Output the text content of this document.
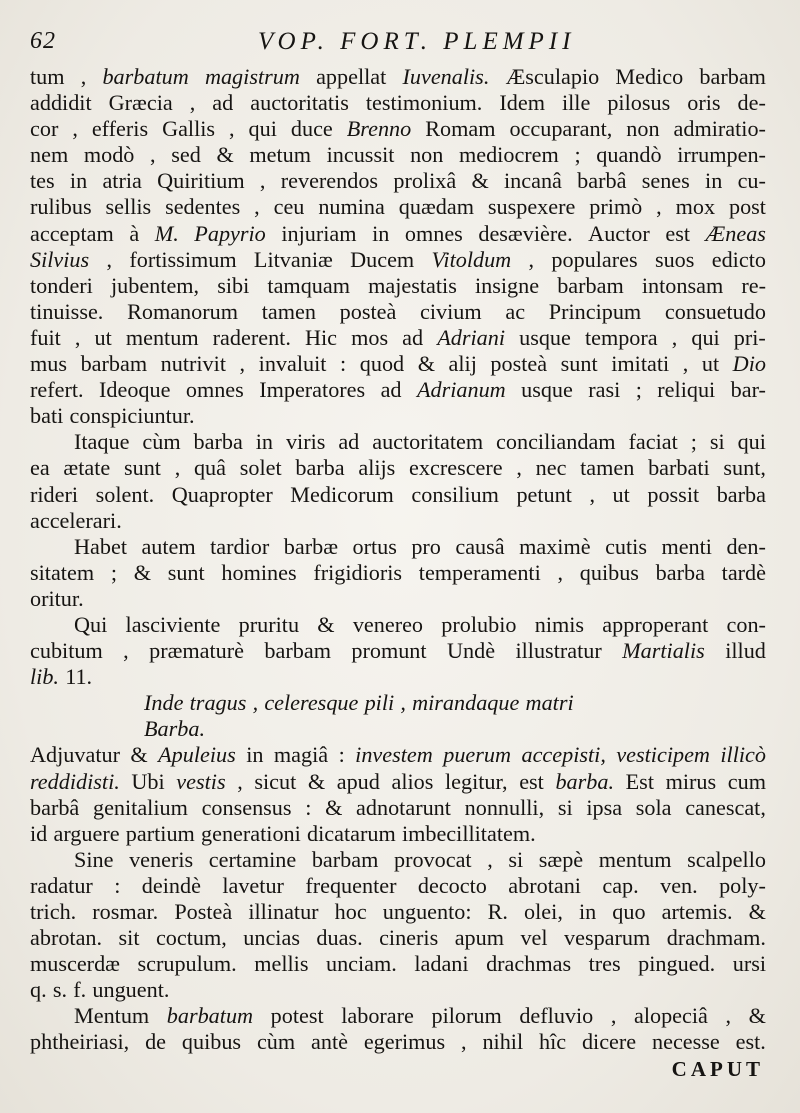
62	VOP. FORT. PLEMPII
tum , barbatum magistrum appellat Iuvenalis. Æsculapio Medico barbam
addidit Græcia , ad auctoritatis testimonium. Idem ille pilosus oris de-
cor , efferis Gallis , qui duce Brenno Romam occuparant, non admiratio-
nem modò , sed & metum incussit non mediocrem ; quandò irrumpen-
tes in atria Quiritium , reverendos prolixâ & incanâ barbâ senes in cu-
rulibus sellis sedentes , ceu numina quædam suspexere primò , mox post
acceptam à M. Papyrio injuriam in omnes desævière. Auctor est Æneas
Silvius , fortissimum Litvaniæ Ducem Vitoldum , populares suos edicto
tonderi jubentem, sibi tamquam majestatis insigne barbam intonsam re-
tinuisse. Romanorum tamen posteà civium ac Principum consuetudo
fuit , ut mentum raderent. Hic mos ad Adriani usque tempora , qui pri-
mus barbam nutrivit , invaluit : quod & alij posteà sunt imitati , ut Dio
refert. Ideoque omnes Imperatores ad Adrianum usque rasi ; reliqui bar-
bati conspiciuntur.
Itaque cùm barba in viris ad auctoritatem conciliandam faciat ; si qui
ea ætate sunt , quâ solet barba alijs excrescere , nec tamen barbati sunt,
rideri solent. Quapropter Medicorum consilium petunt , ut possit barba
accelerari.
Habet autem tardior barbæ ortus pro causâ maximè cutis menti den-
sitatem ; & sunt homines frigidioris temperamenti , quibus barba tardè
oritur.
Qui lasciviente pruritu & venereo prolubio nimis approperant con-
cubitum , præmaturè barbam promunt Undè illustratur Martialis illud
lib. 11.
Inde tragus , celeresque pili , mirandaque matri
Barba.
Adjuvatur & Apuleius in magiâ : investem puerum accepisti, vesticipem illicò
reddidisti. Ubi vestis , sicut & apud alios legitur, est barba. Est mirus cum
barbâ genitalium consensus : & adnotarunt nonnulli, si ipsa sola canescat,
id arguere partium generationi dicatarum imbecillitatem.
Sine veneris certamine barbam provocat , si sæpè mentum scalpello
radatur : deindè lavetur frequenter decocto abrotani cap. ven. poly-
trich. rosmar. Posteà illinatur hoc unguento: R. olei, in quo artemis. &
abrotan. sit coctum, uncias duas. cineris apum vel vesparum drachmam.
muscerdæ scrupulum. mellis unciam. ladani drachmas tres pingued. ursi
q. s. f. unguent.
Mentum barbatum potest laborare pilorum defluvio , alopeciâ , &
phtheiriasi, de quibus cùm antè egerimus , nihil hîc dicere necesse est.
CAPUT
